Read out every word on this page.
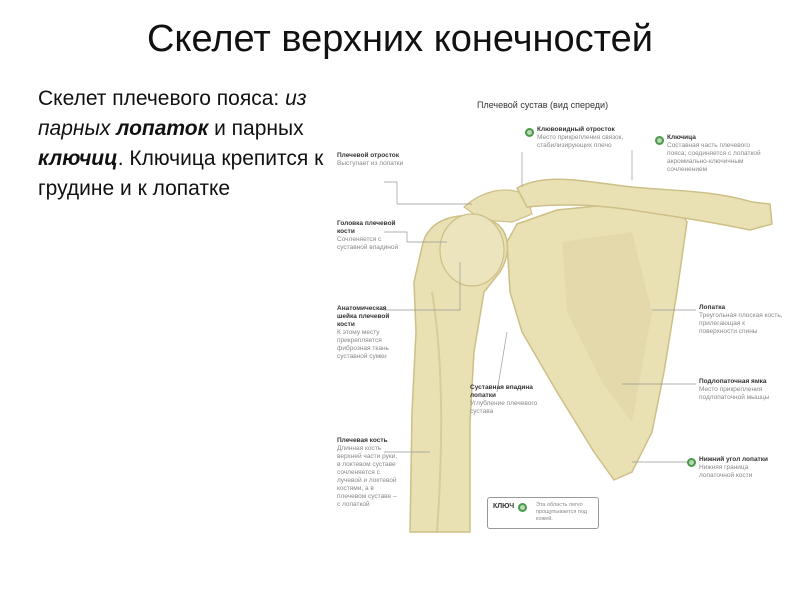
Скелет верхних конечностей
Скелет плечевого пояса: из парных лопаток и парных ключиц. Ключица крепится к грудине и к лопатке
Плечевой сустав (вид спереди)
Плечевой отросток
Выступает из лопатки
Головка плечевой кости
Сочленяется с суставной впадиной
Анатомическая шейка плечевой кости
К этому месту прикрепляется фиброзная ткань суставной сумки
Плечевая кость
Длинная кость верхней части руки, в локтевом суставе сочленяется с лучевой и локтевой костями, а в плечевом суставе – с лопаткой
Клювовидный отросток
Место прикрепления связок, стабилизирующих плечо
Ключица
Составная часть плечевого пояса; соединяется с лопаткой акромиально-ключичным сочленением
Лопатка
Треугольная плоская кость, прилегающая к поверхности спины
Подлопаточная ямка
Место прикрепления подлопаточной мышцы
Нижний угол лопатки
Нижняя граница лопаточной кости
Суставная впадина лопатки
Углубление плечевого сустава
КЛЮЧ	Эта область легко прощупывается под кожей.
